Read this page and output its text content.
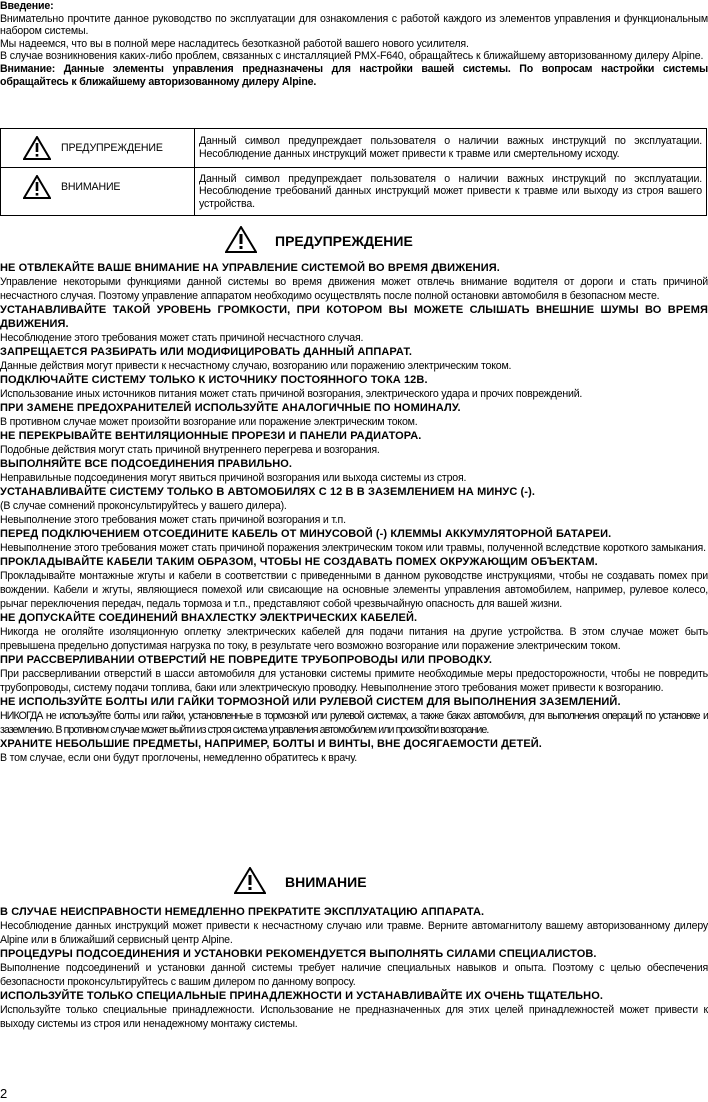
Введение:

Внимательно прочтите данное руководство по эксплуатации для ознакомления с работой каждого из элементов управления и функциональным набором системы.

Мы надеемся, что вы в полной мере насладитесь безотказной работой вашего нового усилителя.

В случае возникновения каких-либо проблем, связанных с инсталляцией PMX-F640, обращайтесь к ближайшему авторизованному дилеру Alpine.

Внимание: Данные элементы управления предназначены для настройки вашей системы. По вопросам настройки системы обращайтесь к ближайшему авторизованному дилеру Alpine.

ПРЕДУПРЕЖДЕНИЕ	Данный символ предупреждает пользователя о наличии важных инструкций по эксплуатации. Несоблюдение данных инструкций может привести к травме или смертельному исходу.

ВНИМАНИЕ	Данный символ предупреждает пользователя о наличии важных инструкций по эксплуатации. Несоблюдение требований данных инструкций может привести к травме или выходу из строя вашего устройства.
ПРЕДУПРЕЖДЕНИЕ

НЕ ОТВЛЕКАЙТЕ ВАШЕ ВНИМАНИЕ НА УПРАВЛЕНИЕ СИСТЕМОЙ ВО ВРЕМЯ ДВИЖЕНИЯ.

Управление некоторыми функциями данной системы во время движения может отвлечь внимание водителя от дороги и стать причиной несчастного случая. Поэтому управление аппаратом необходимо осуществлять после полной остановки автомобиля в безопасном месте.

УСТАНАВЛИВАЙТЕ ТАКОЙ УРОВЕНЬ ГРОМКОСТИ, ПРИ КОТОРОМ ВЫ МОЖЕТЕ СЛЫШАТЬ ВНЕШНИЕ ШУМЫ ВО ВРЕМЯ ДВИЖЕНИЯ.

Несоблюдение этого требования может стать причиной несчастного случая.

ЗАПРЕЩАЕТСЯ РАЗБИРАТЬ ИЛИ МОДИФИЦИРОВАТЬ ДАННЫЙ АППАРАТ.

Данные действия могут привести к несчастному случаю, возгоранию или поражению электрическим током.

ПОДКЛЮЧАЙТЕ СИСТЕМУ ТОЛЬКО К ИСТОЧНИКУ ПОСТОЯННОГО ТОКА 12В.

Использование иных источников питания может стать причиной возгорания, электрического удара и прочих повреждений.

ПРИ ЗАМЕНЕ ПРЕДОХРАНИТЕЛЕЙ ИСПОЛЬЗУЙТЕ АНАЛОГИЧНЫЕ ПО НОМИНАЛУ.

В противном случае может произойти возгорание или поражение электрическим током.

НЕ ПЕРЕКРЫВАЙТЕ ВЕНТИЛЯЦИОННЫЕ ПРОРЕЗИ И ПАНЕЛИ РАДИАТОРА.

Подобные действия могут стать причиной внутреннего перегрева и возгорания.

ВЫПОЛНЯЙТЕ ВСЕ ПОДСОЕДИНЕНИЯ ПРАВИЛЬНО.

Неправильные подсоединения могут явиться причиной возгорания или выхода системы из строя.

УСТАНАВЛИВАЙТЕ СИСТЕМУ ТОЛЬКО В АВТОМОБИЛЯХ С 12 В В ЗАЗЕМЛЕНИЕМ НА МИНУС (-).

(В случае сомнений проконсультируйтесь у вашего дилера).

Невыполнение этого требования может стать причиной возгорания и т.п.

ПЕРЕД ПОДКЛЮЧЕНИЕМ ОТСОЕДИНИТЕ КАБЕЛЬ ОТ МИНУСОВОЙ (-) КЛЕММЫ АККУМУЛЯТОРНОЙ БАТАРЕИ.

Невыполнение этого требования может стать причиной поражения электрическим током или травмы, полученной вследствие короткого замыкания.

ПРОКЛАДЫВАЙТЕ КАБЕЛИ ТАКИМ ОБРАЗОМ, ЧТОБЫ НЕ СОЗДАВАТЬ ПОМЕХ ОКРУЖАЮЩИМ ОБЪЕКТАМ.

Прокладывайте монтажные жгуты и кабели в соответствии с приведенными в данном руководстве инструкциями, чтобы не создавать помех при вождении. Кабели и жгуты, являющиеся помехой или свисающие на основные элементы управления автомобилем, например, рулевое колесо, рычаг переключения передач, педаль тормоза и т.п., представляют собой чрезвычайную опасность для вашей жизни.

НЕ ДОПУСКАЙТЕ СОЕДИНЕНИЙ ВНАХЛЕСТКУ ЭЛЕКТРИЧЕСКИХ КАБЕЛЕЙ.

Никогда не оголяйте изоляционную оплетку электрических кабелей для подачи питания на другие устройства. В этом случае может быть превышена предельно допустимая нагрузка по току, в результате чего возможно возгорание или поражение электрическим током.

ПРИ РАССВЕРЛИВАНИИ ОТВЕРСТИЙ НЕ ПОВРЕДИТЕ ТРУБОПРОВОДЫ ИЛИ ПРОВОДКУ.

При рассверливании отверстий в шасси автомобиля для установки системы примите необходимые меры предосторожности, чтобы не повредить трубопроводы, систему подачи топлива, баки или электрическую проводку. Невыполнение этого требования может привести к возгоранию.

НЕ ИСПОЛЬЗУЙТЕ БОЛТЫ ИЛИ ГАЙКИ ТОРМОЗНОЙ ИЛИ РУЛЕВОЙ СИСТЕМ ДЛЯ ВЫПОЛНЕНИЯ ЗАЗЕМЛЕНИЙ.

НИКОГДА не используйте болты или гайки, установленные в тормозной или рулевой системах, а также баках автомобиля, для выполнения операций по установке и заземлению. В противном случае может выйти из строя система управления автомобилем или произойти возгорание.

ХРАНИТЕ НЕБОЛЬШИЕ ПРЕДМЕТЫ, НАПРИМЕР, БОЛТЫ И ВИНТЫ, ВНЕ ДОСЯГАЕМОСТИ ДЕТЕЙ.

В том случае, если они будут проглочены, немедленно обратитесь к врачу.

ВНИМАНИЕ

В СЛУЧАЕ НЕИСПРАВНОСТИ НЕМЕДЛЕННО ПРЕКРАТИТЕ ЭКСПЛУАТАЦИЮ АППАРАТА.

Несоблюдение данных инструкций может привести к несчастному случаю или травме. Верните автомагнитолу вашему авторизованному дилеру Alpine или в ближайший сервисный центр Alpine.

ПРОЦЕДУРЫ ПОДСОЕДИНЕНИЯ И УСТАНОВКИ РЕКОМЕНДУЕТСЯ ВЫПОЛНЯТЬ СИЛАМИ СПЕЦИАЛИСТОВ.

Выполнение подсоединений и установки данной системы требует наличие специальных навыков и опыта. Поэтому с целью обеспечения безопасности проконсультируйтесь с вашим дилером по данному вопросу.

ИСПОЛЬЗУЙТЕ ТОЛЬКО СПЕЦИАЛЬНЫЕ ПРИНАДЛЕЖНОСТИ И УСТАНАВЛИВАЙТЕ ИХ ОЧЕНЬ ТЩАТЕЛЬНО.

Используйте только специальные принадлежности. Использование не предназначенных для этих целей принадлежностей может привести к выходу системы из строя или ненадежному монтажу системы.

2
